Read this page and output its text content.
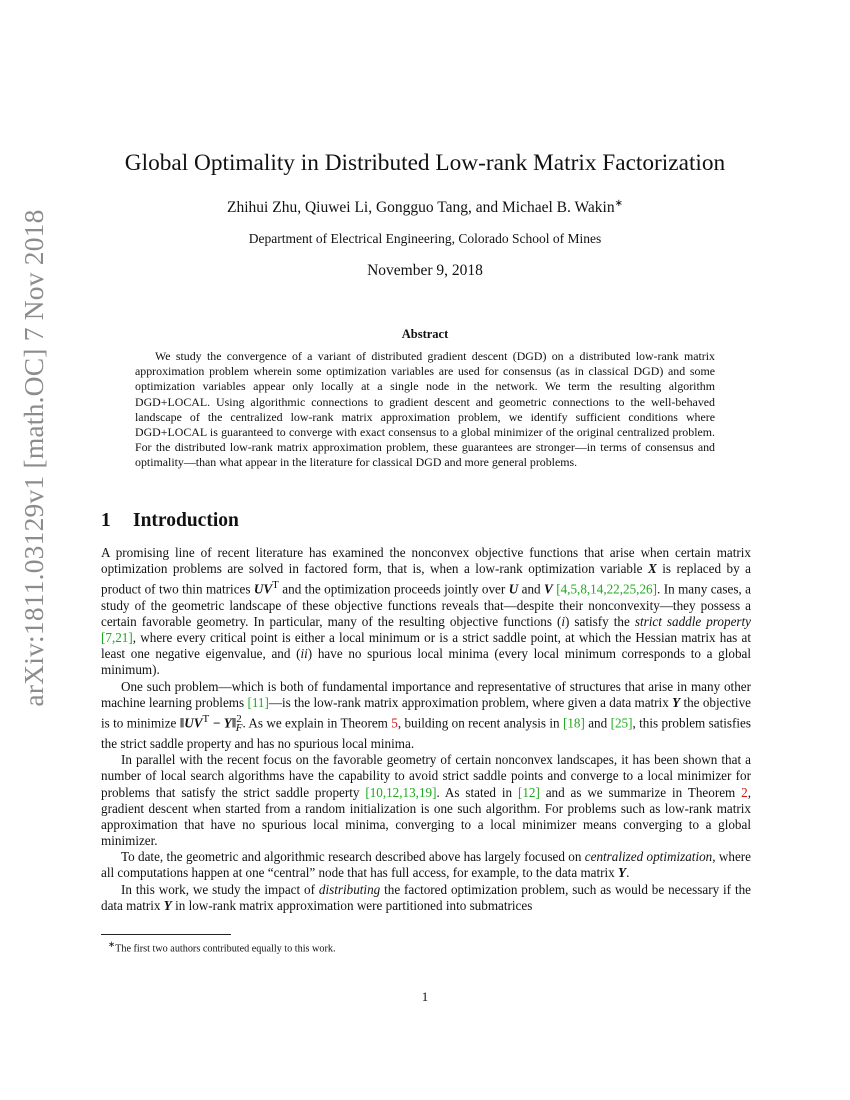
arXiv:1811.03129v1 [math.OC] 7 Nov 2018
Global Optimality in Distributed Low-rank Matrix Factorization
Zhihui Zhu, Qiuwei Li, Gongguo Tang, and Michael B. Wakin∗
Department of Electrical Engineering, Colorado School of Mines
November 9, 2018
Abstract
We study the convergence of a variant of distributed gradient descent (DGD) on a distributed low-rank matrix approximation problem wherein some optimization variables are used for consensus (as in classical DGD) and some optimization variables appear only locally at a single node in the network. We term the resulting algorithm DGD+LOCAL. Using algorithmic connections to gradient descent and geometric connections to the well-behaved landscape of the centralized low-rank matrix approximation problem, we identify sufficient conditions where DGD+LOCAL is guaranteed to converge with exact consensus to a global minimizer of the original centralized problem. For the distributed low-rank matrix approximation problem, these guarantees are stronger—in terms of consensus and optimality—than what appear in the literature for classical DGD and more general problems.
1 Introduction

A promising line of recent literature has examined the nonconvex objective functions that arise when certain matrix optimization problems are solved in factored form, that is, when a low-rank optimization variable X is replaced by a product of two thin matrices $UV^T$ and the optimization proceeds jointly over U and V [4,5,8,14,22,25,26]. In many cases, a study of the geometric landscape of these objective functions reveals that—despite their nonconvexity—they possess a certain favorable geometry. In particular, many of the resulting objective functions (i) satisfy the strict saddle property [7,21], where every critical point is either a local minimum or is a strict saddle point, at which the Hessian matrix has at least one negative eigenvalue, and (ii) have no spurious local minima (every local minimum corresponds to a global minimum).

One such problem—which is both of fundamental importance and representative of structures that arise in many other machine learning problems [11]—is the low-rank matrix approximation problem, where given a data matrix Y the objective is to minimize $‖UV^T$ − Y‖$^2_F$. As we explain in Theorem 5, building on recent analysis in [18] and [25], this problem satisfies the strict saddle property and has no spurious local minima.

In parallel with the recent focus on the favorable geometry of certain nonconvex landscapes, it has been shown that a number of local search algorithms have the capability to avoid strict saddle points and converge to a local minimizer for problems that satisfy the strict saddle property [10,12,13,19]. As stated in [12] and as we summarize in Theorem 2, gradient descent when started from a random initialization is one such algorithm. For problems such as low-rank matrix approximation that have no spurious local minima, converging to a local minimizer means converging to a global minimizer.

To date, the geometric and algorithmic research described above has largely focused on centralized optimization, where all computations happen at one “central” node that has full access, for example, to the data matrix Y.

In this work, we study the impact of distributing the factored optimization problem, such as would be necessary if the data matrix Y in low-rank matrix approximation were partitioned into submatrices

∗The first two authors contributed equally to this work.
1
